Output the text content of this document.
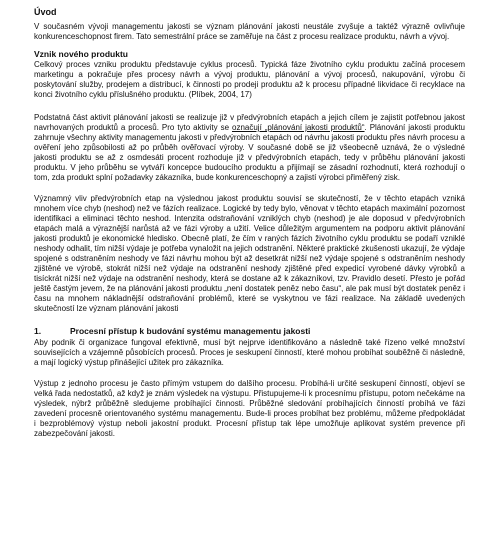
Úvod

V současném vývoji managementu jakosti se význam plánování jakosti neustále zvyšuje a taktéž výrazně ovlivňuje konkurenceschopnost firem. Tato semestrální práce se zaměřuje na část z procesu realizace produktu, návrh a vývoj.

Vznik nového produktu

Celkový proces vzniku produktu představuje cyklus procesů. Typická fáze životního cyklu produktu začíná procesem marketingu a pokračuje přes procesy návrh a vývoj produktu, plánování a vývoj procesů, nakupování, výrobu či poskytování služby, prodejem a distribucí, k činnosti po prodeji produktu až k procesu případné likvidace či recyklace na konci životního cyklu příslušného produktu. (Plíbek, 2004, 17)

Podstatná část aktivit plánování jakosti se realizuje již v předvýrobních etapách a jejich cílem je zajistit potřebnou jakost navrhovaných produktů a procesů. Pro tyto aktivity se označují „plánování jakosti produktů“. Plánování jakosti produktu zahrnuje všechny aktivity managementu jakosti v předvýrobních etapách od návrhu jakosti produktu přes návrh procesu a ověření jeho způsobilosti až po průběh ověřovací výroby. V současné době se již všeobecně uznává, že o výsledné jakosti produktu se až z osmdesáti procent rozhoduje již v předvýrobních etapách, tedy v průběhu plánování jakosti produktu. V jeho průběhu se vytváří koncepce budoucího produktu a přijímají se zásadní rozhodnutí, která rozhodují o tom, zda produkt splní požadavky zákazníka, bude konkurenceschopný a zajistí výrobci přiměřený zisk.

Významný vliv předvýrobních etap na výslednou jakost produktu souvisí se skutečností, že v těchto etapách vzniká mnohem více chyb (neshod) než ve fázích realizace. Logické by tedy bylo, věnovat v těchto etapách maximální pozornost identifikaci a eliminaci těchto neshod. Intenzita odstraňování vzniklých chyb (neshod) je ale doposud v předvýrobních etapách malá a výraznější narůstá až ve fázi výroby a užití. Velice důležitým argumentem na podporu aktivit plánování jakosti produktů je ekonomické hledisko. Obecně platí, že čím v raných fázích životního cyklu produktu se podaří vzniklé neshody odhalit, tím nižší výdaje je potřeba vynaložit na jejich odstranění. Některé praktické zkušenosti ukazují, že výdaje spojené s odstraněním neshody ve fázi návrhu mohou být až desetkrát nižší než výdaje spojené s odstraněním neshody zjištěné ve výrobě, stokrát nižší než výdaje na odstranění neshody zjištěné před expedicí vyrobené dávky výrobků a tisíckrát nižší než výdaje na odstranění neshody, která se dostane až k zákazníkovi, tzv. Pravidlo desetí. Přesto je pořád ještě častým jevem, že na plánování jakosti produktu „není dostatek peněz nebo času“, ale pak musí být dostatek peněz i času na mnohem nákladnější odstraňování problémů, které se vyskytnou ve fázi realizace. Na základě uvedených skutečností lze význam plánování jakosti

1.	Procesní přístup k budování systému managementu jakosti

Aby podnik či organizace fungoval efektivně, musí být nejprve identifikováno a následně také řízeno velké množství souvisejících a vzájemně působících procesů. Proces je seskupení činností, které mohou probíhat souběžně či následně, a mají logický výstup přinášející užitek pro zákazníka.

Výstup z jednoho procesu je často přímým vstupem do dalšího procesu. Probíhá-li určité seskupení činností, objeví se velká řada nedostatků, až když je znám výsledek na výstupu. Přistupujeme-li k procesnímu přístupu, potom nečekáme na výsledek, nýbrž průběžně sledujeme probíhající činnosti. Průběžné sledování probíhajících činností probíhá ve fázi zavedení procesně orientovaného systému managementu. Bude-li proces probíhat bez problému, můžeme předpokládat i bezproblémový výstup neboli jakostní produkt. Procesní přístup tak lépe umožňuje aplikovat systém prevence při zabezpečování jakosti.
